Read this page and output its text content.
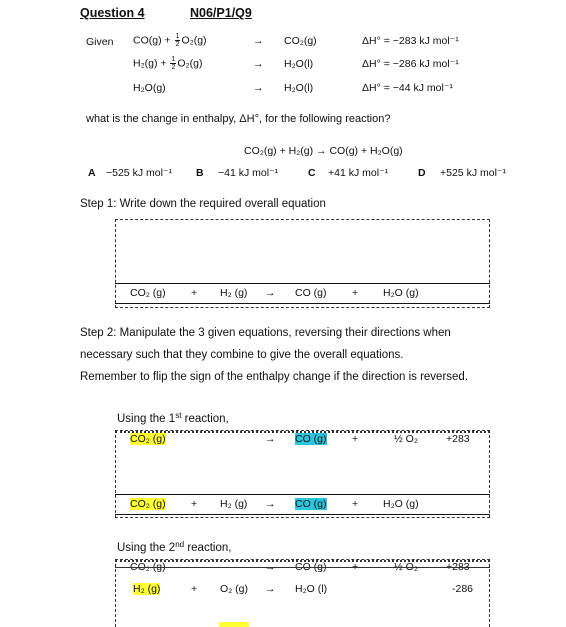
Question 4	N06/P1/Q9
Given $CO(g) + \frac{1}{2} O_2(g)$	→ CO₂(g)	ΔH° = −283 kJ mol⁻¹
$H_2(g) + \frac{1}{2} O_2(g)$	→ H₂O(l)	ΔH° = −286 kJ mol⁻¹
H₂O(g)	→ H₂O(l)	ΔH° = −44 kJ mol⁻¹
what is the change in enthalpy, ΔH°, for the following reaction?
CO₂(g) + H₂(g) → CO(g) + H₂O(g)
A −525 kJ mol⁻¹ B −41 kJ mol⁻¹	C +41 kJ mol⁻¹	D +525 kJ mol⁻¹
Step 1: Write down the required overall equation
CO₂ (g) + H₂ (g) → CO (g) + H₂O (g)
Step 2: Manipulate the 3 given equations, reversing their directions when
necessary such that they combine to give the overall equations.
Remember to flip the sign of the enthalpy change if the direction is reversed.
Using the 1st reaction,
CO₂ (g)	→ CO (g) +	½ O₂	+283
CO₂ (g) + H₂ (g) → CO (g) + H₂O (g)
Using the 2nd reaction,
CO₂ (g)	→ CO (g) +	½ O₂	+283
H₂ (g)	+ O₂ (g) → H₂O (l)	-286
